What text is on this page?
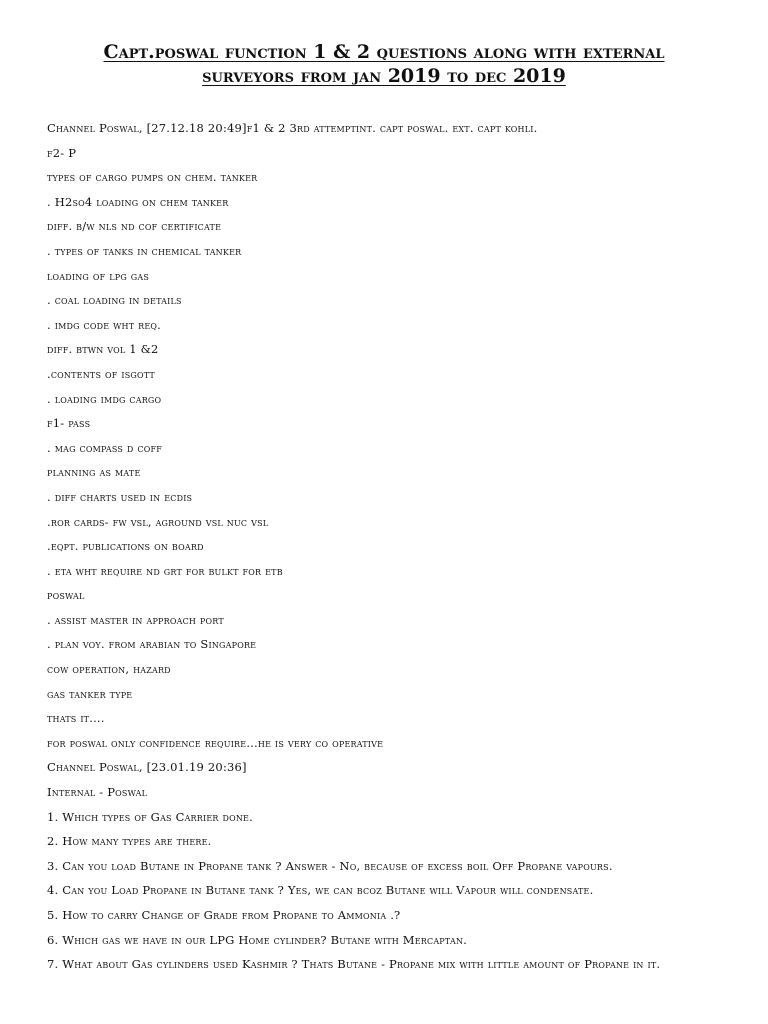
Capt.poswal function 1 & 2 questions along with external
surveyors from jan 2019 to dec 2019
Channel Poswal, [27.12.18 20:49]f1 & 2 3rd attemptint. capt poswal. ext. capt kohli.
f2- P
types of cargo pumps on chem. tanker
. H2so4 loading on chem tanker
diff. b/w nls nd cof certificate
. types of tanks in chemical tanker
loading of lpg gas
. coal loading in details
. imdg code wht req.
diff. btwn vol 1 &2
.contents of isgott
. loading imdg cargo
f1- pass
. mag compass d coff
planning as mate
. diff charts used in ecdis
.ror cards- fw vsl, aground vsl nuc vsl
.eqpt. publications on board
. eta wht require nd grt for bulkt for etb
poswal
. assist master in approach port
. plan voy. from arabian to Singapore
cow operation, hazard
gas tanker type
thats it....
for poswal only confidence require...he is very co operative
Channel Poswal, [23.01.19 20:36]
Internal - Poswal
1. Which types of Gas Carrier done.
2. How many types are there.
3. Can you load Butane in Propane tank ? Answer - No, because of excess boil Off Propane vapours.
4. Can you Load Propane in Butane tank ? Yes, we can bcoz Butane will Vapour will condensate.
5. How to carry Change of Grade from Propane to Ammonia .?
6. Which gas we have in our LPG Home cylinder? Butane with Mercaptan.
7. What about Gas cylinders used Kashmir ? Thats Butane - Propane mix with little amount of Propane in it.
